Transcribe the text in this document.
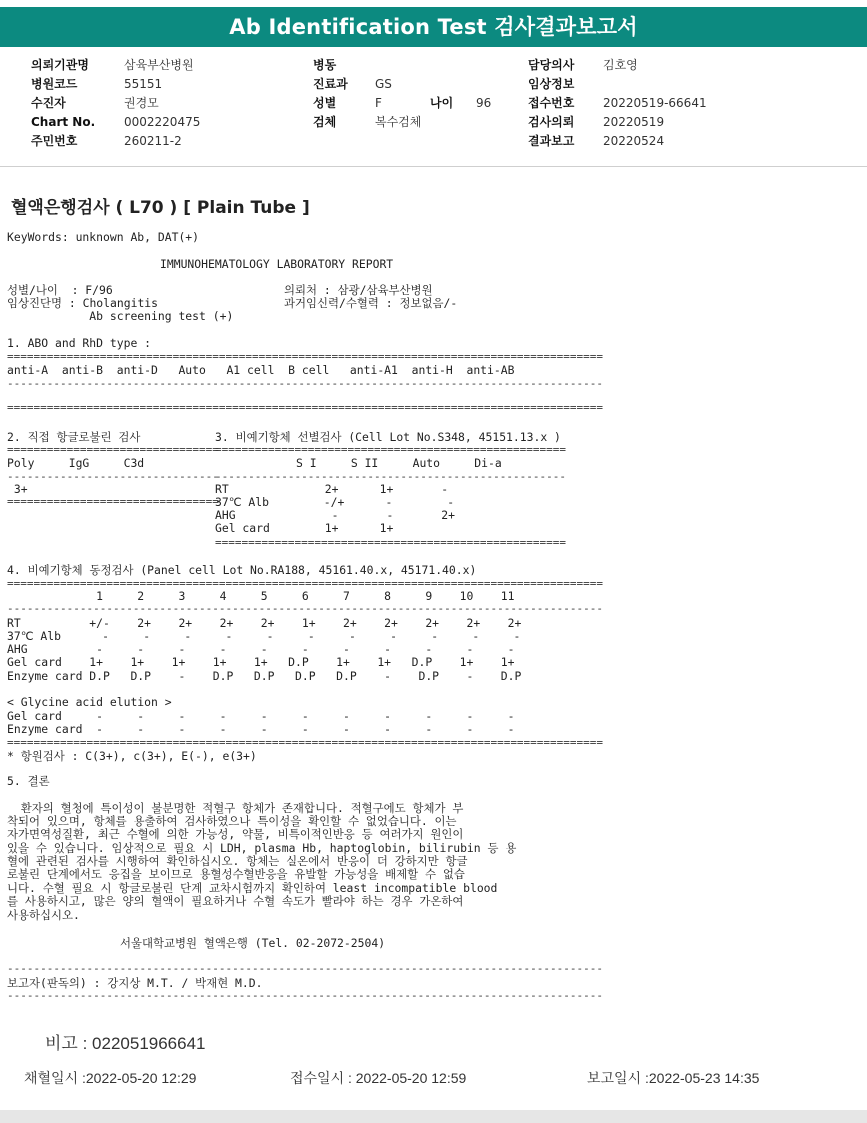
Ab Identification Test 검사결과보고서
의뢰기관명	삼육부산병원
병원코드	55151
수진자	권경모
Chart No.	0002220475
주민번호	260211-2
병동
진료과	GS
성별	F	나이	96
검체	복수검체
담당의사	김호영
임상정보
접수번호	20220519-66641
검사의뢰	20220519
결과보고	20220524
혈액은행검사 ( L70 ) [ Plain Tube ]
KeyWords: unknown Ab, DAT(+)
IMMUNOHEMATOLOGY LABORATORY REPORT
성별/나이  : F/96
임상진단명 : Cholangitis
Ab screening test (+)
의뢰처 : 삼광/삼육부산병원
과거임신력/수혈력 : 정보없음/-
1. ABO and RhD type :
==========================================================================================
anti-A  anti-B  anti-D   Auto   A1 cell  B cell   anti-A1  anti-H  anti-AB
------------------------------------------------------------------------------------------
==========================================================================================
2. 직접 항글로불린 검사
================================
Poly     IgG     C3d
--------------------------------
3+
================================
3. 비예기항체 선별검사 (Cell Lot No.S348, 45151.13.x )
=====================================================
S I     S II     Auto     Di-a
-----------------------------------------------------
RT              2+      1+       -
37℃ Alb        -/+      -        -
AHG              -       -       2+
Gel card        1+      1+
=====================================================
4. 비예기항체 동정검사 (Panel cell Lot No.RA188, 45161.40.x, 45171.40.x)
==========================================================================================
1     2     3     4     5     6     7     8     9    10    11
------------------------------------------------------------------------------------------
RT          +/-    2+    2+    2+    2+    1+    2+    2+    2+    2+    2+
37℃ Alb      -     -     -     -     -     -     -     -     -     -     -
AHG          -     -     -     -     -     -     -     -     -     -     -
Gel card    1+    1+    1+    1+    1+   D.P    1+    1+   D.P    1+    1+
Enzyme card D.P   D.P    -    D.P   D.P   D.P   D.P    -    D.P    -    D.P
< Glycine acid elution >
Gel card     -     -     -     -     -     -     -     -     -     -     -
Enzyme card  -     -     -     -     -     -     -     -     -     -     -
==========================================================================================
* 항원검사 : C(3+), c(3+), E(-), e(3+)
5. 결론
환자의 혈청에 특이성이 불분명한 적혈구 항체가 존재합니다. 적혈구에도 항체가 부
착되어 있으며, 항체를 용출하여 검사하였으나 특이성을 확인할 수 없었습니다. 이는
자가면역성질환, 최근 수혈에 의한 가능성, 약물, 비특이적인반응 등 여러가지 원인이
있을 수 있습니다. 임상적으로 필요 시 LDH, plasma Hb, haptoglobin, bilirubin 등 용
혈에 관련된 검사를 시행하여 확인하십시오. 항체는 실온에서 반응이 더 강하지만 항글
로불린 단계에서도 응집을 보이므로 용혈성수혈반응을 유발할 가능성을 배제할 수 없습
니다. 수혈 필요 시 항글로불린 단계 교차시험까지 확인하여 least incompatible blood
를 사용하시고, 많은 양의 혈액이 필요하거나 수혈 속도가 빨라야 하는 경우 가온하여
사용하십시오.
서울대학교병원 혈액은행 (Tel. 02-2072-2504)
------------------------------------------------------------------------------------------
보고자(판독의) : 강지상 M.T. / 박재현 M.D.
------------------------------------------------------------------------------------------
비고 : 022051966641
채혈일시 :2022-05-20 12:29	접수일시 : 2022-05-20 12:59	보고일시 :2022-05-23 14:35
